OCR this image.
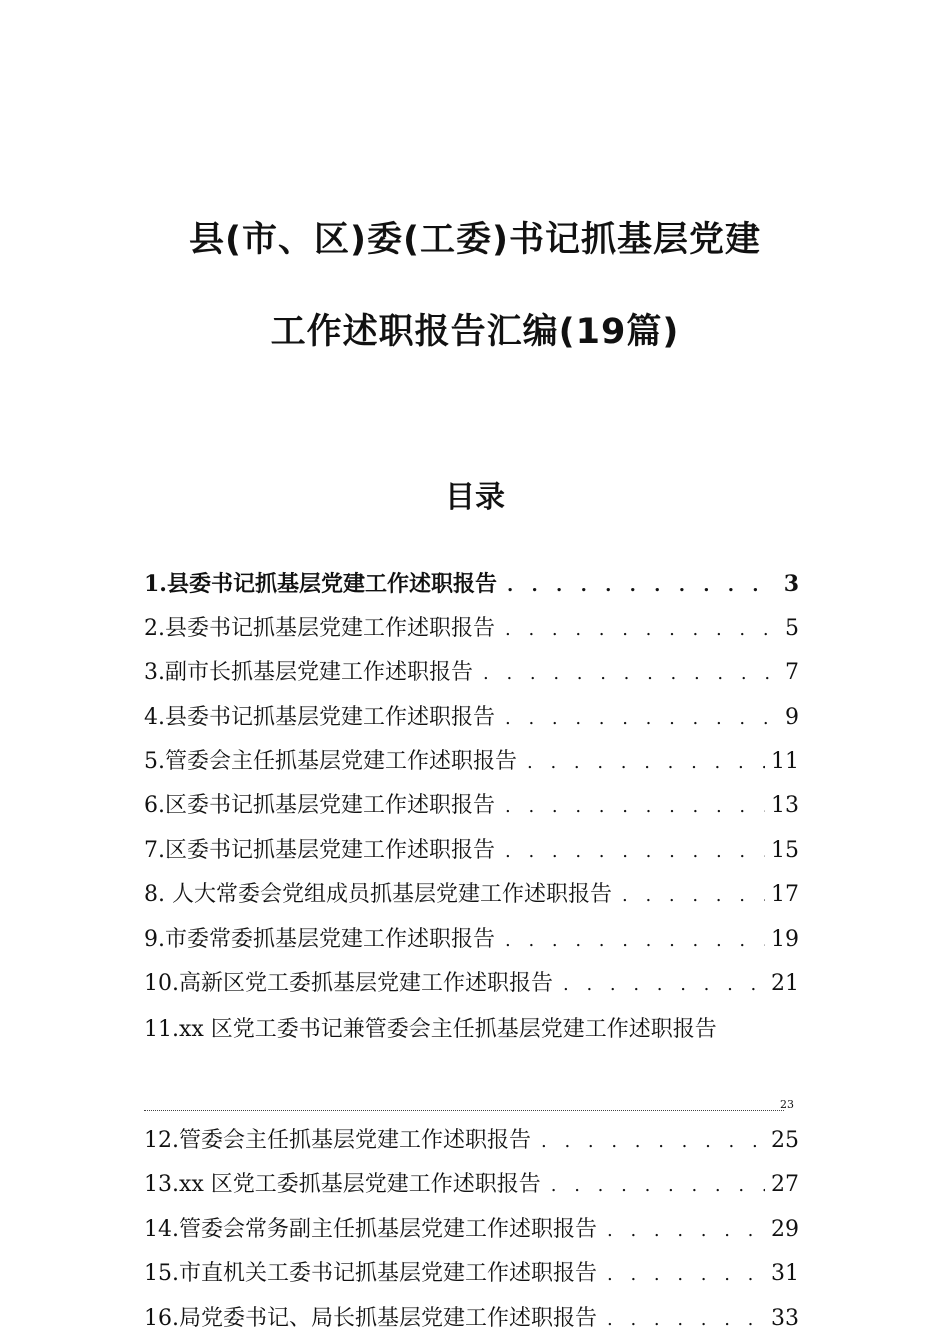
县(市、区)委(工委)书记抓基层党建
工作述职报告汇编(19篇)
目录
1.县委书记抓基层党建工作述职报告 . . .	3
2.县委书记抓基层党建工作述职报告 . . .	5
3.副市长抓基层党建工作述职报告 . . .	7
4.县委书记抓基层党建工作述职报告 . . .	9
5.管委会主任抓基层党建工作述职报告 . . .	11
6.区委书记抓基层党建工作述职报告 . . .	13
7.区委书记抓基层党建工作述职报告 . . .	15
8. 人大常委会党组成员抓基层党建工作述职报告 . . .	17
9.市委常委抓基层党建工作述职报告 . . .	19
10.高新区党工委抓基层党建工作述职报告 . . .	21
11.xx 区党工委书记兼管委会主任抓基层党建工作述职报告
23
12.管委会主任抓基层党建工作述职报告 . . .	25
13.xx 区党工委抓基层党建工作述职报告 . . .	27
14.管委会常务副主任抓基层党建工作述职报告 . . .	29
15.市直机关工委书记抓基层党建工作述职报告 . . .	31
16.局党委书记、局长抓基层党建工作述职报告 . . .	33
